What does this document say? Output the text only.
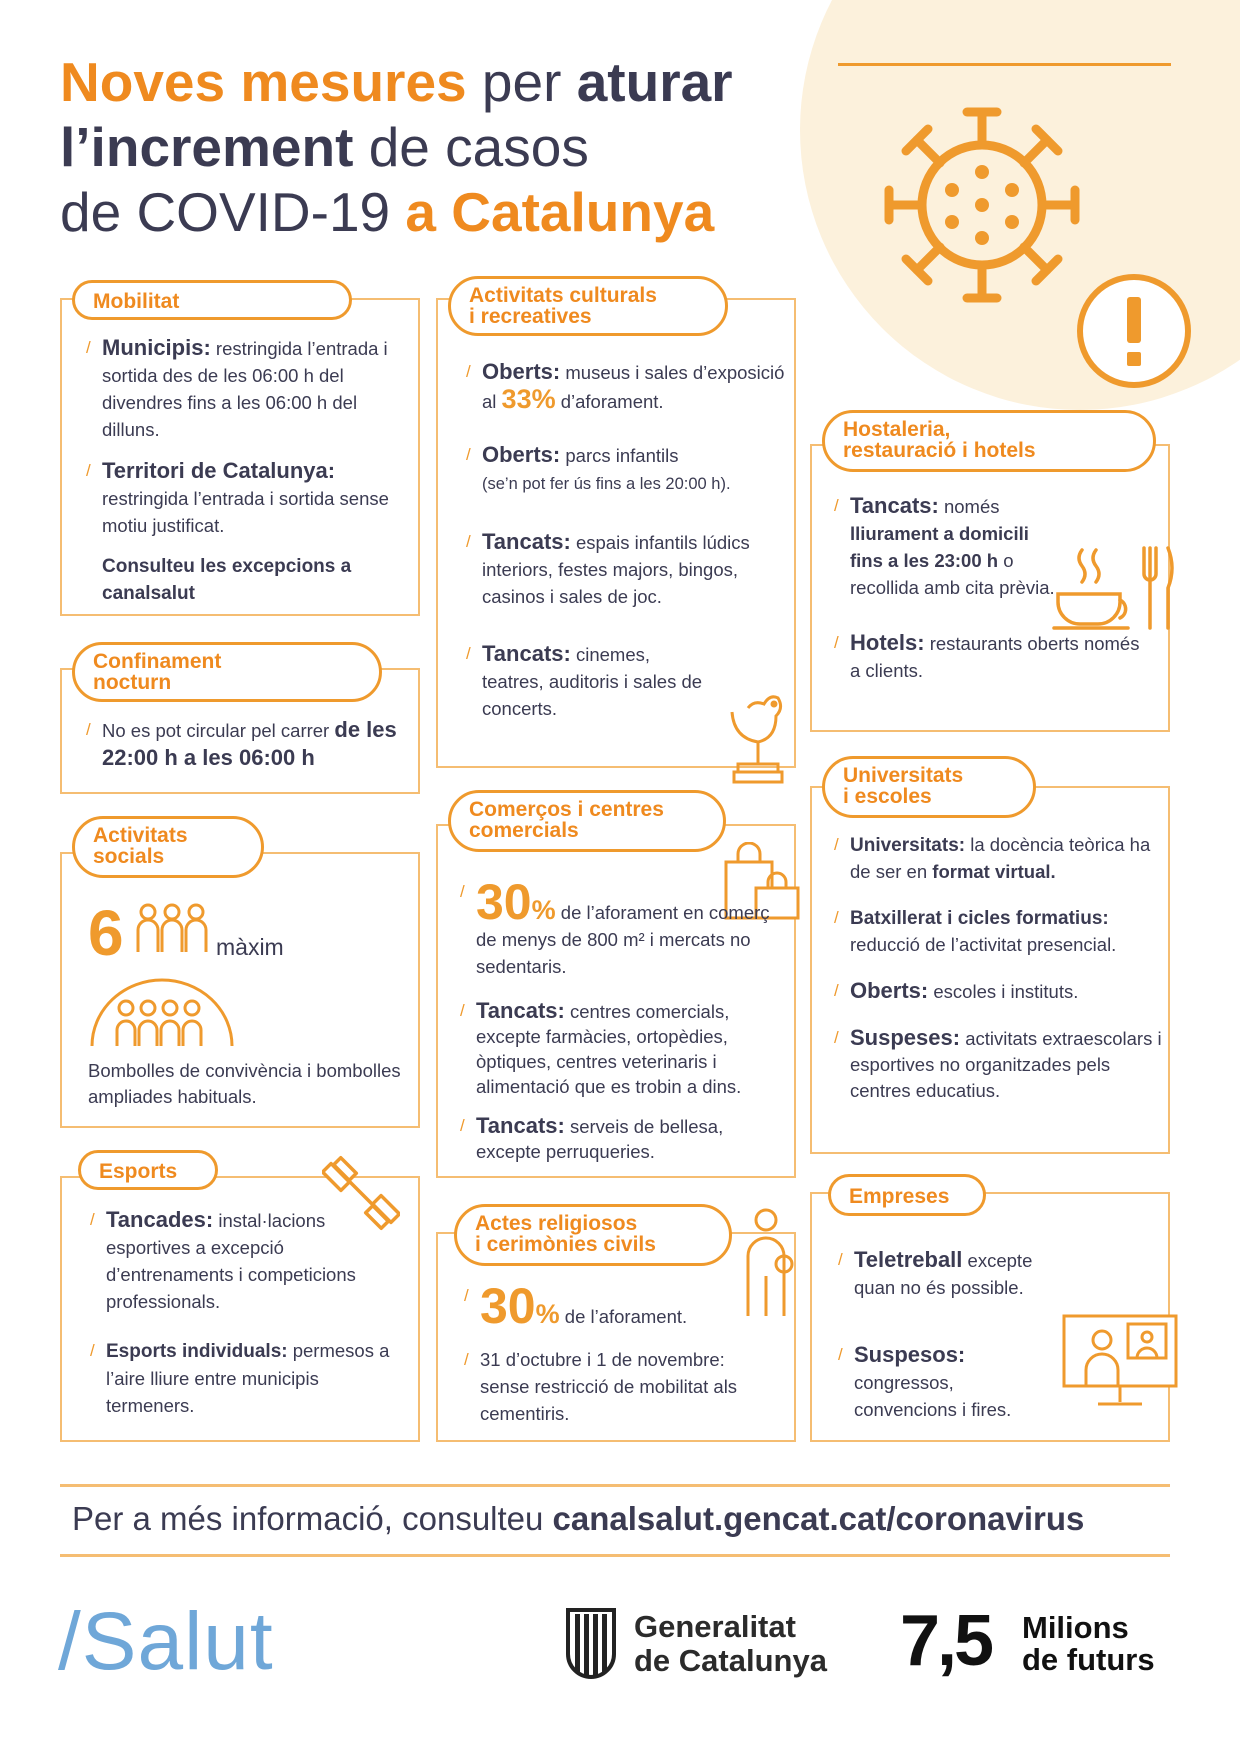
Noves mesures per aturar
l’increment de casos
de COVID-19 a Catalunya
Mobilitat
/ Municipis: restringida l’entrada i sortida des de les 06:00 h del divendres fins a les 06:00 h del dilluns.
/ Territori de Catalunya: restringida l’entrada i sortida sense motiu justificat.
Consulteu les excepcions a canalsalut
Confinament
nocturn
/ No es pot circular pel carrer de les 22:00 h a les 06:00 h
Activitats
socials
6	màxim
Bombolles de convivència i bombolles ampliades habituals.
Esports
/ Tancades: instal·lacions esportives a excepció d’entrenaments i competicions professionals.
/ Esports individuals: permesos a l’aire lliure entre municipis termeners.
Activitats culturals
i recreatives
/ Oberts: museus i sales d’exposició al 33% d’aforament.
/ Oberts: parcs infantils
(se’n pot fer ús fins a les 20:00 h).
/ Tancats: espais infantils lúdics interiors, festes majors, bingos, casinos i sales de joc.
/ Tancats: cinemes, teatres, auditoris i sales de concerts.
Comerços i centres
comercials
/ 30% de l’aforament en comerç de menys de 800 m² i mercats no sedentaris.
/ Tancats: centres comercials, excepte farmàcies, ortopèdies, òptiques, centres veterinaris i alimentació que es trobin a dins.
/ Tancats: serveis de bellesa, excepte perruqueries.
Actes religiosos
i cerimònies civils
/ 30% de l’aforament.
/ 31 d’octubre i 1 de novembre: sense restricció de mobilitat als cementiris.
Hostaleria,
restauració i hotels
/ Tancats: només lliurament a domicili fins a les 23:00 h o recollida amb cita prèvia.
/ Hotels: restaurants oberts només a clients.
Universitats
i escoles
/ Universitats: la docència teòrica ha de ser en format virtual.
/ Batxillerat i cicles formatius: reducció de l’activitat presencial.
/ Oberts: escoles i instituts.
/ Suspeses: activitats extraescolars i esportives no organitzades pels centres educatius.
Empreses
/ Teletreball excepte quan no és possible.
/ Suspesos:
congressos, convencions i fires.
Per a més informació, consulteu canalsalut.gencat.cat/coronavirus
/Salut	Generalitat
de Catalunya 7,5 Milions
de futurs
